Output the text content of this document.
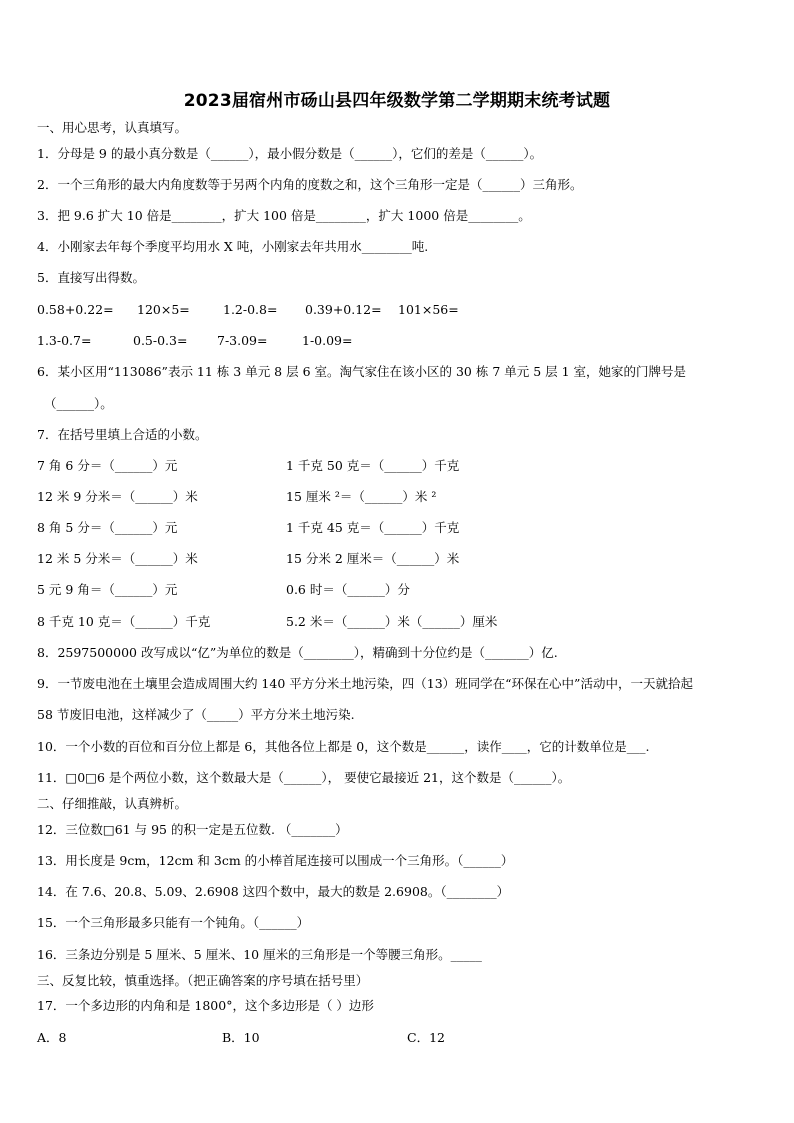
2023届宿州市砀山县四年级数学第二学期期末统考试题
一、用心思考，认真填写。
1．分母是 9 的最小真分数是（______），最小假分数是（______），它们的差是（______）。
2．一个三角形的最大内角度数等于另两个内角的度数之和，这个三角形一定是（______）三角形。
3．把 9.6 扩大 10 倍是________，扩大 100 倍是________，扩大 1000 倍是________。
4．小刚家去年每个季度平均用水 X 吨，小刚家去年共用水________吨.
5．直接写出得数。
0.58+0.22= 120×5=	1.2-0.8= 0.39+0.12= 101×56=
1.3-0.7=	0.5-0.3= 7-3.09=	1-0.09=
6．某小区用“113086”表示 11 栋 3 单元 8 层 6 室。淘气家住在该小区的 30 栋 7 单元 5 层 1 室，她家的门牌号是
（______）。
7．在括号里填上合适的小数。
7 角 6 分＝（______）元	1 千克 50 克＝（______）千克
12 米 9 分米＝（______）米	15 厘米 ²＝（______）米 ²
8 角 5 分＝（______）元	1 千克 45 克＝（______）千克
12 米 5 分米＝（______）米	15 分米 2 厘米＝（______）米
5 元 9 角＝（______）元	0.6 时＝（______）分
8 千克 10 克＝（______）千克	5.2 米＝（______）米（______）厘米
8．2597500000 改写成以“亿”为单位的数是（________），精确到十分位约是（_______）亿.
9．一节废电池在土壤里会造成周围大约 140 平方分米土地污染，四（13）班同学在“环保在心中”活动中，一天就拾起
58 节废旧电池，这样减少了（_____）平方分米土地污染.
10．一个小数的百位和百分位上都是 6，其他各位上都是 0，这个数是______，读作____，它的计数单位是___.
11．□0□6 是个两位小数，这个数最大是（______）， 要使它最接近 21，这个数是（______）。
二、仔细推敲，认真辨析。
12．三位数□61 与 95 的积一定是五位数. （_______）
13．用长度是 9cm，12cm 和 3cm 的小棒首尾连接可以围成一个三角形。（______）
14．在 7.6、20.8、5.09、2.6908 这四个数中，最大的数是 2.6908。（________）
15．一个三角形最多只能有一个钝角。（______）
16．三条边分别是 5 厘米、5 厘米、10 厘米的三角形是一个等腰三角形。_____
三、反复比较，慎重选择。（把正确答案的序号填在括号里）
17．一个多边形的内角和是 1800°，这个多边形是（ ）边形
A．8	B．10	C．12
